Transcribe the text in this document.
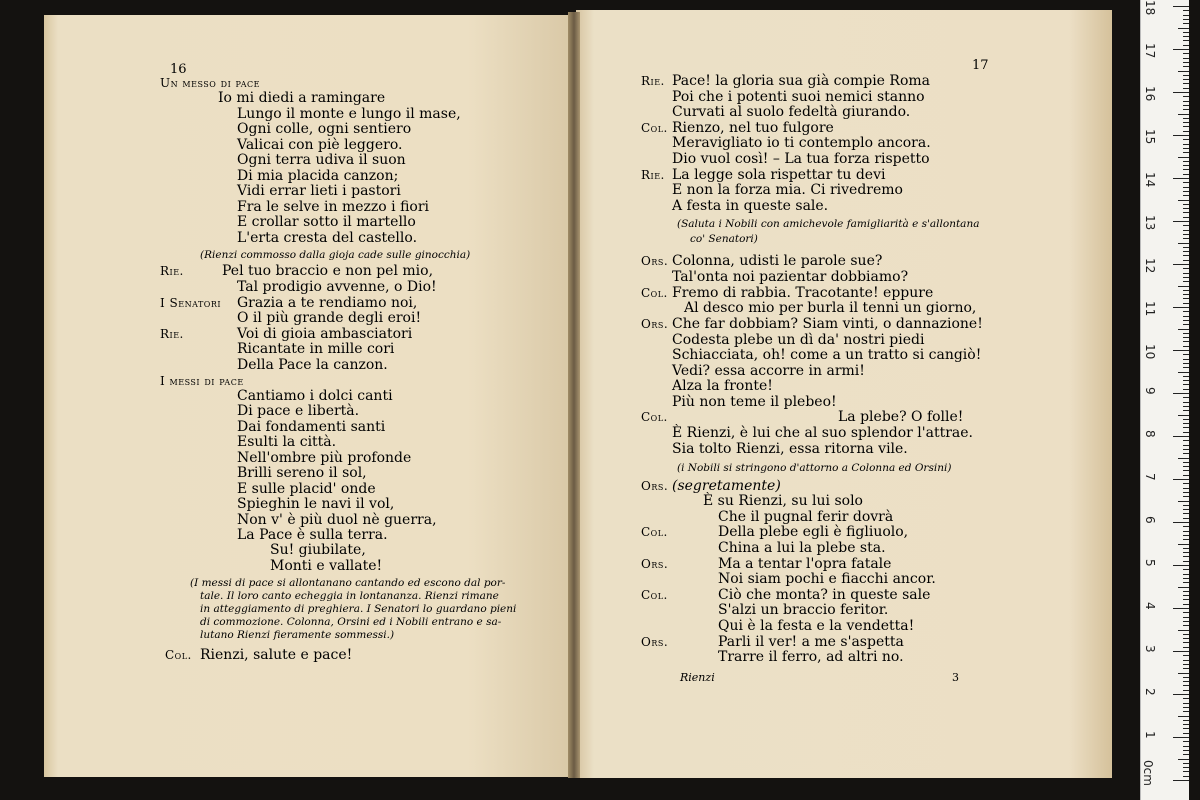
16	17
Un messo di pace
Io mi diedi a ramingare
Lungo il monte e lungo il mase,
Ogni colle, ogni sentiero
Valicai con piè leggero.
Ogni terra udiva il suon
Di mia placida canzon;
Vidi errar lieti i pastori
Fra le selve in mezzo i fiori
E crollar sotto il martello
L'erta cresta del castello.
(Rienzi commosso dalla gioja cade sulle ginocchia)
Rie.	Pel tuo braccio e non pel mio,
Tal prodigio avvenne, o Dio!
I Senatori Grazia a te rendiamo noi,
O il più grande degli eroi!
Rie.	Voi di gioia ambasciatori
Ricantate in mille cori
Della Pace la canzon.
I messi di pace
Cantiamo i dolci canti
Di pace e libertà.
Dai fondamenti santi
Esulti la città.
Nell'ombre più profonde
Brilli sereno il sol,
E sulle placid' onde
Spieghin le navi il vol,
Non v' è più duol nè guerra,
La Pace è sulla terra.
Su! giubilate,
Monti e vallate!
(I messi di pace si allontanano cantando ed escono dal por-
tale. Il loro canto echeggia in lontananza. Rienzi rimane
in atteggiamento di preghiera. I Senatori lo guardano pieni
di commozione. Colonna, Orsini ed i Nobili entrano e sa-
lutano Rienzi fieramente sommessi.)
Col. Rienzi, salute e pace!
Rie. Pace! la gloria sua già compie Roma
Poi che i potenti suoi nemici stanno
Curvati al suolo fedeltà giurando.
Col. Rienzo, nel tuo fulgore
Meravigliato io ti contemplo ancora.
Dio vuol così! – La tua forza rispetto
Rie. La legge sola rispettar tu devi
E non la forza mia. Ci rivedremo
A festa in queste sale.
(Saluta i Nobili con amichevole famigliarità e s'allontana
co' Senatori)
Ors. Colonna, udisti le parole sue?
Tal'onta noi pazientar dobbiamo?
Col. Fremo di rabbia. Tracotante! eppure
Al desco mio per burla il tenni un giorno,
Ors. Che far dobbiam? Siam vinti, o dannazione!
Codesta plebe un dì da' nostri piedi
Schiacciata, oh! come a un tratto si cangiò!
Vedi? essa accorre in armi!
Alza la fronte!
Più non teme il plebeo!
Col.	La plebe? O folle!
È Rienzi, è lui che al suo splendor l'attrae.
Sia tolto Rienzi, essa ritorna vile.
(i Nobili si stringono d'attorno a Colonna ed Orsini)
Ors. (segretamente)
È su Rienzi, su lui solo
Che il pugnal ferir dovrà
Col.	Della plebe egli è figliuolo,
China a lui la plebe sta.
Ors.	Ma a tentar l'opra fatale
Noi siam pochi e fiacchi ancor.
Col.	Ciò che monta? in queste sale
S'alzi un braccio feritor.
Qui è la festa e la vendetta!
Ors.	Parli il ver! a me s'aspetta
Trarre il ferro, ad altri no.
Rienzi	3
0cm
1
2
3
4
5
6
7
8
9
10
11
12
13
14
15
16
17
18
